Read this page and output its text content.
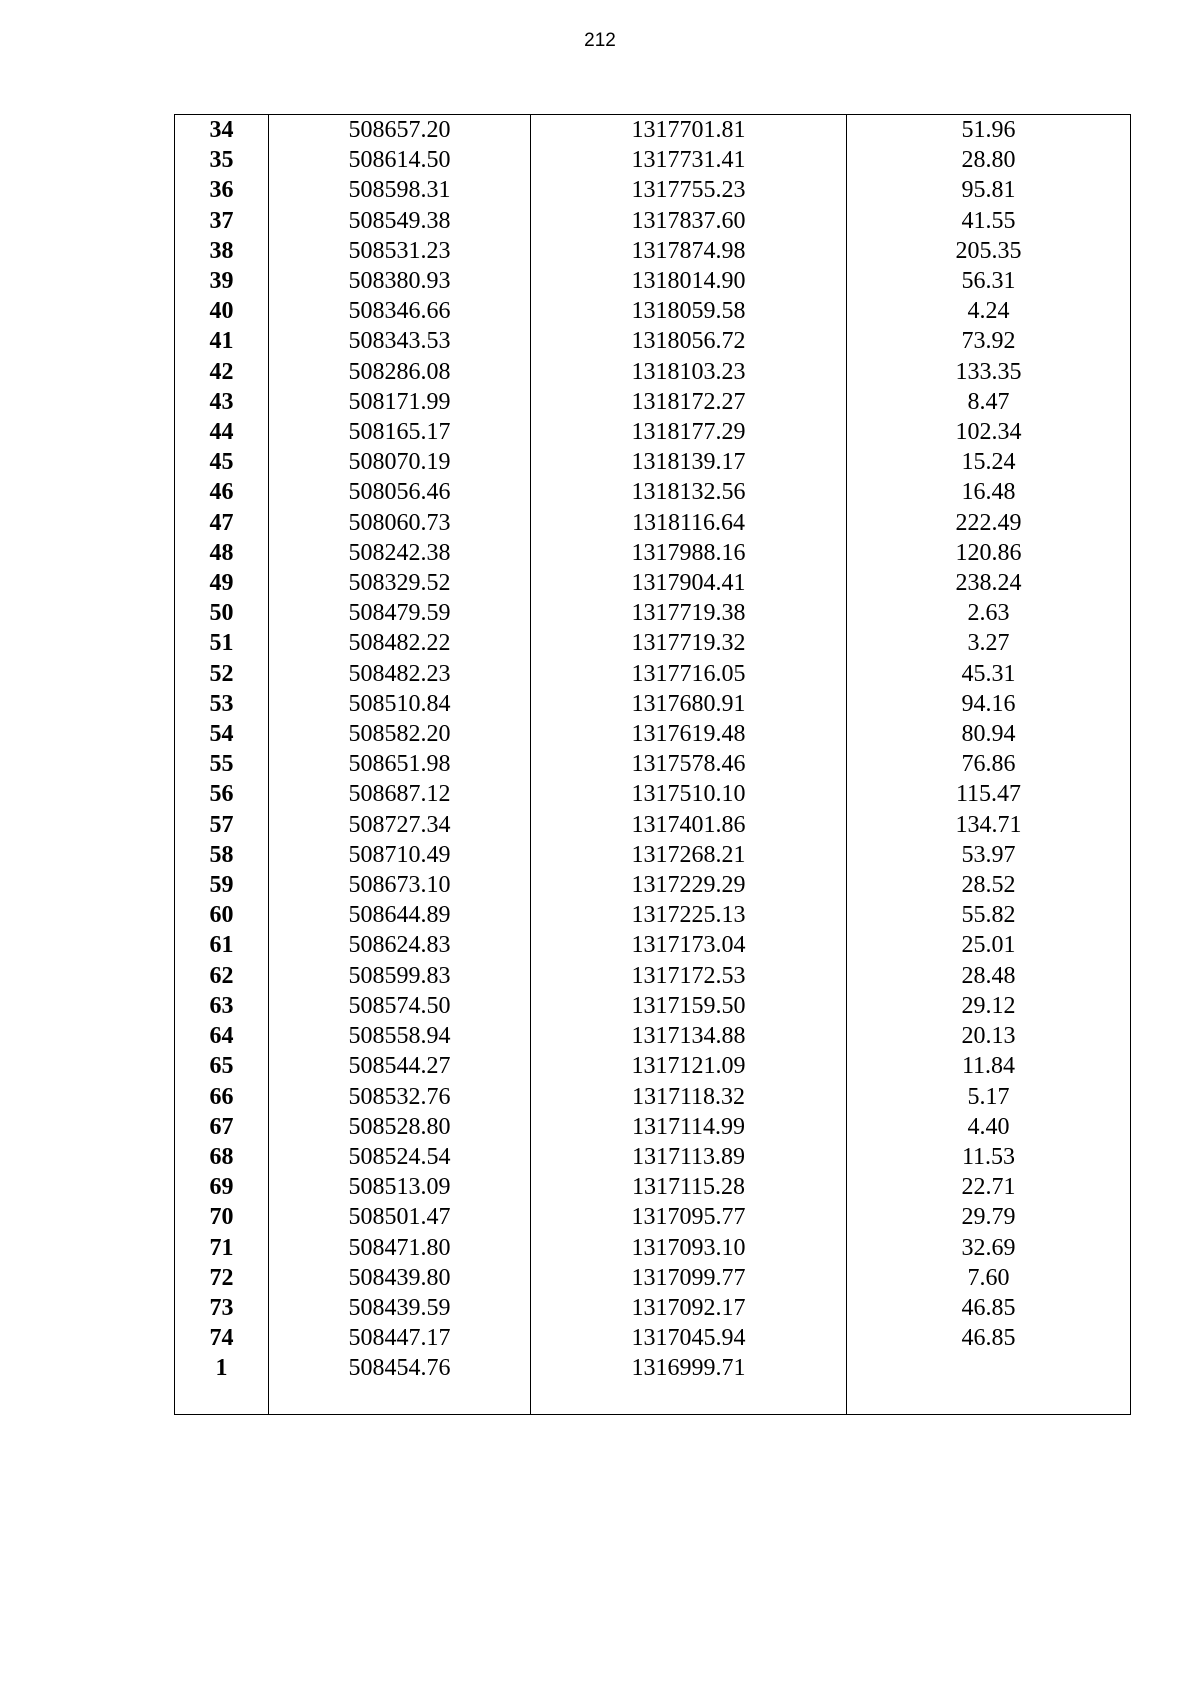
212
34	508657.20	1317701.81	51.96
35	508614.50	1317731.41	28.80
36	508598.31	1317755.23	95.81
37	508549.38	1317837.60	41.55
38	508531.23	1317874.98	205.35
39	508380.93	1318014.90	56.31
40	508346.66	1318059.58	4.24
41	508343.53	1318056.72	73.92
42	508286.08	1318103.23	133.35
43	508171.99	1318172.27	8.47
44	508165.17	1318177.29	102.34
45	508070.19	1318139.17	15.24
46	508056.46	1318132.56	16.48
47	508060.73	1318116.64	222.49
48	508242.38	1317988.16	120.86
49	508329.52	1317904.41	238.24
50	508479.59	1317719.38	2.63
51	508482.22	1317719.32	3.27
52	508482.23	1317716.05	45.31
53	508510.84	1317680.91	94.16
54	508582.20	1317619.48	80.94
55	508651.98	1317578.46	76.86
56	508687.12	1317510.10	115.47
57	508727.34	1317401.86	134.71
58	508710.49	1317268.21	53.97
59	508673.10	1317229.29	28.52
60	508644.89	1317225.13	55.82
61	508624.83	1317173.04	25.01
62	508599.83	1317172.53	28.48
63	508574.50	1317159.50	29.12
64	508558.94	1317134.88	20.13
65	508544.27	1317121.09	11.84
66	508532.76	1317118.32	5.17
67	508528.80	1317114.99	4.40
68	508524.54	1317113.89	11.53
69	508513.09	1317115.28	22.71
70	508501.47	1317095.77	29.79
71	508471.80	1317093.10	32.69
72	508439.80	1317099.77	7.60
73	508439.59	1317092.17	46.85
74	508447.17	1317045.94	46.85
1	508454.76	1316999.71	
